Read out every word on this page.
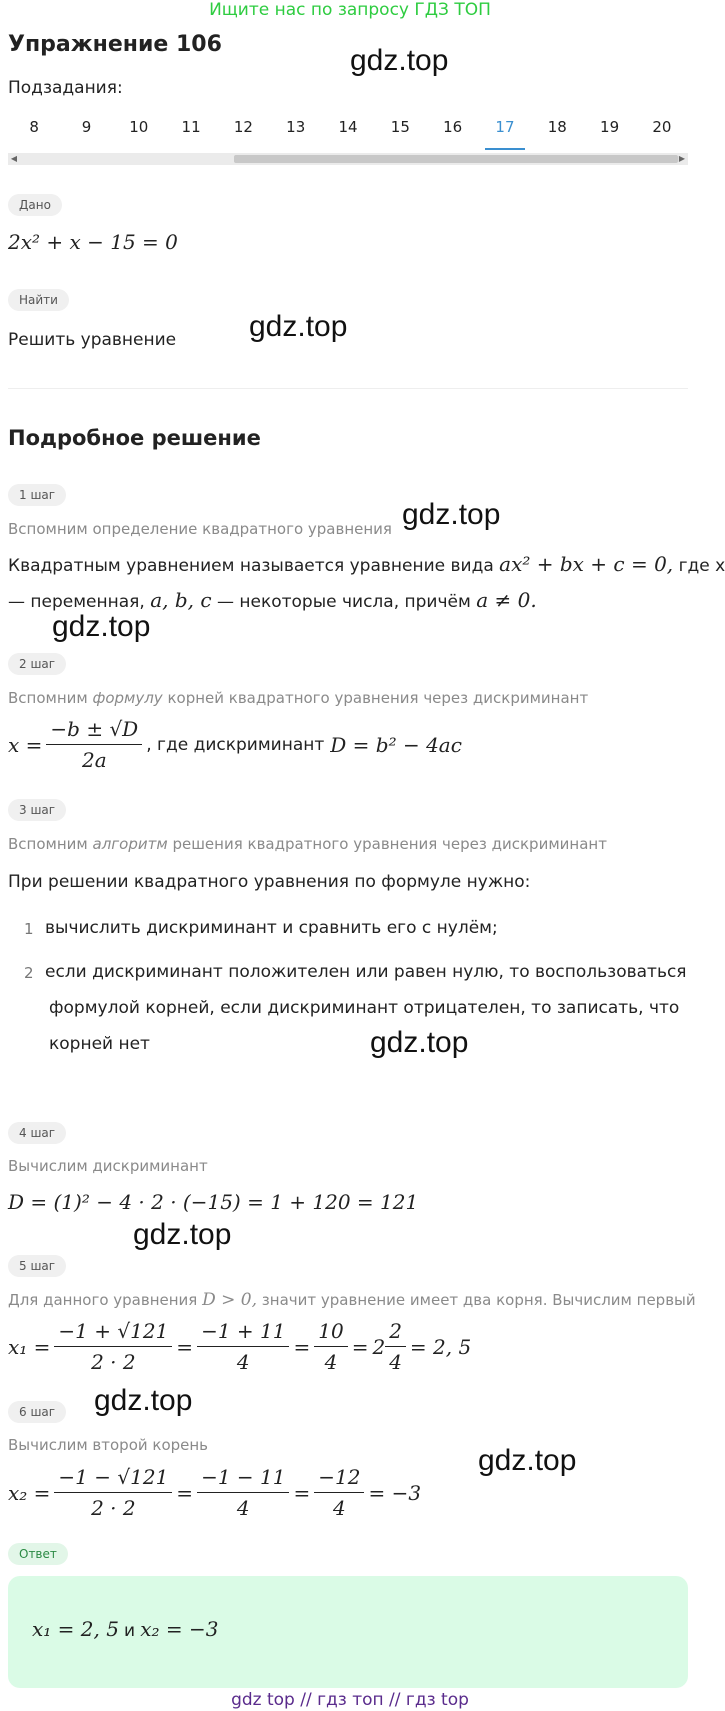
Ищите нас по запросу ГДЗ ТОП
Упражнение 106	gdz.top
gdz.top
gdz.top
gdz.top
gdz.top
gdz.top
gdz.top
gdz.top
Подзадания:
8	9	10	11	12	13	14	15	16	17	18	19	20
◀	▶
Дано
2x² + x − 15 = 0
Найти
Решить уравнение
Подробное решение
1 шаг
Вспомним определение квадратного уравнения
Квадратным уравнением называется уравнение вида ax² + bx + c = 0, где x
— переменная, a, b, c — некоторые числа, причём a ≠ 0.
2 шаг
Вспомним формулу корней квадратного уравнения через дискриминант
$x = \frac{-b \pm √D}{2a}$ , где дискриминант D = b² − 4ac
3 шаг
Вспомним алгоритм решения квадратного уравнения через дискриминант
При решении квадратного уравнения по формуле нужно:
1 вычислить дискриминант и сравнить его с нулём;
2 если дискриминант положителен или равен нулю, то воспользоваться
формулой корней, если дискриминант отрицателен, то записать, что
корней нет
4 шаг
Вычислим дискриминант
D = (1)² − 4 · 2 · (−15) = 1 + 120 = 121
5 шаг
Для данного уравнения D > 0, значит уравнение имеет два корня. Вычислим первый
$x_1 = \frac{-1 + √121}{2 \cdot 2} = \frac{-1 + 11}{4} = \frac{10}{4} = 2 \frac{2}{4} = 2$, 5
6 шаг
Вычислим второй корень
$x_2 = \frac{-1 - √121}{2 \cdot 2} = \frac{-1 - 11}{4} = \frac{-12}{4} = -3$
Ответ
x₁ = 2, 5 и x₂ = −3
gdz top // гдз топ // гдз top
